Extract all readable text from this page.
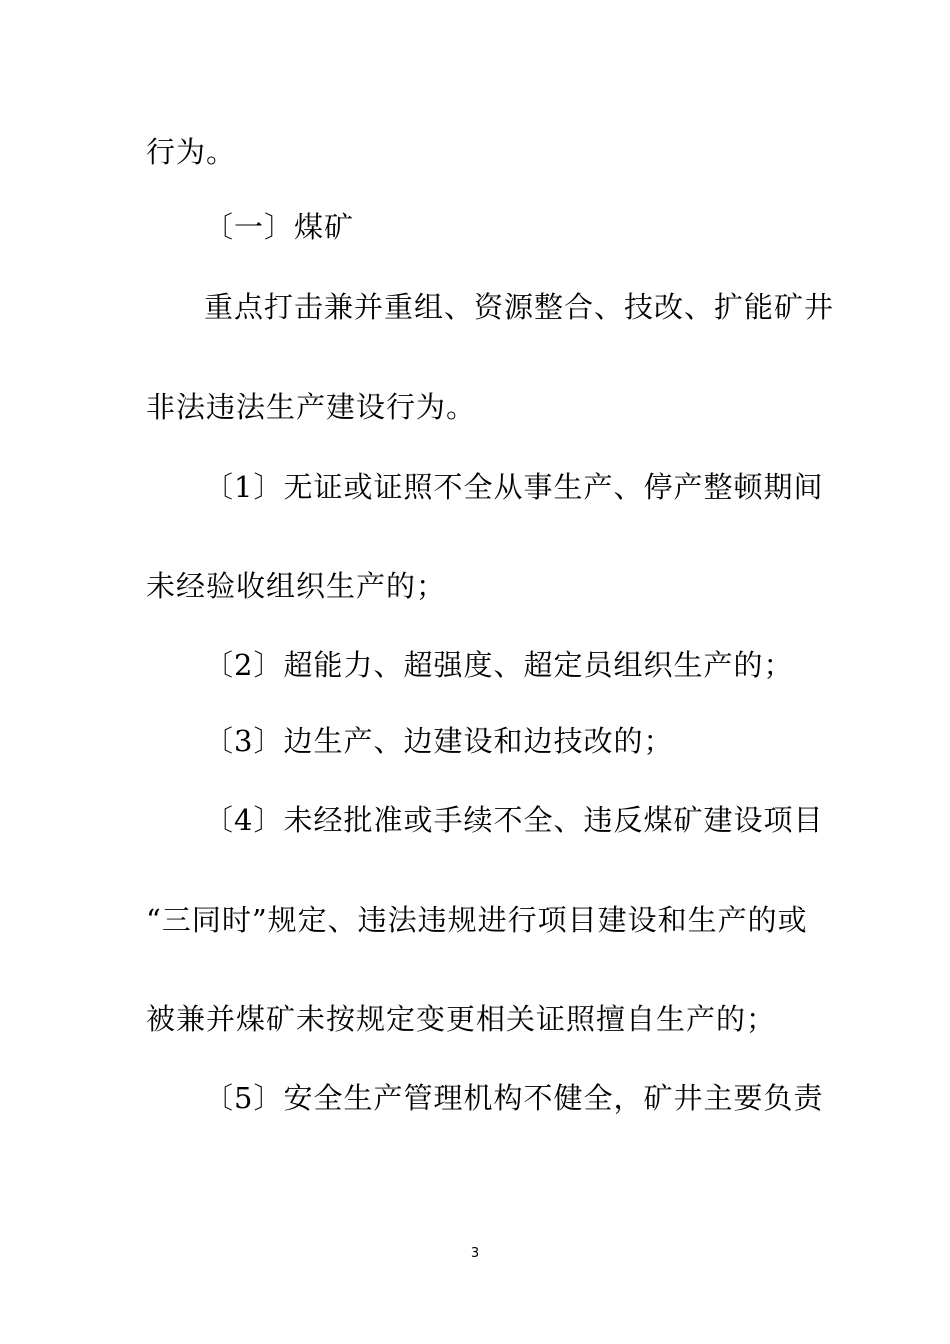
行为。
〔一〕煤矿
重点打击兼并重组、资源整合、技改、扩能矿井
非法违法生产建设行为。
〔1〕无证或证照不全从事生产、停产整顿期间
未经验收组织生产的；
〔2〕超能力、超强度、超定员组织生产的；
〔3〕边生产、边建设和边技改的；
〔4〕未经批准或手续不全、违反煤矿建设项目
“三同时”规定、违法违规进行项目建设和生产的或
被兼并煤矿未按规定变更相关证照擅自生产的；
〔5〕安全生产管理机构不健全，矿井主要负责
3
